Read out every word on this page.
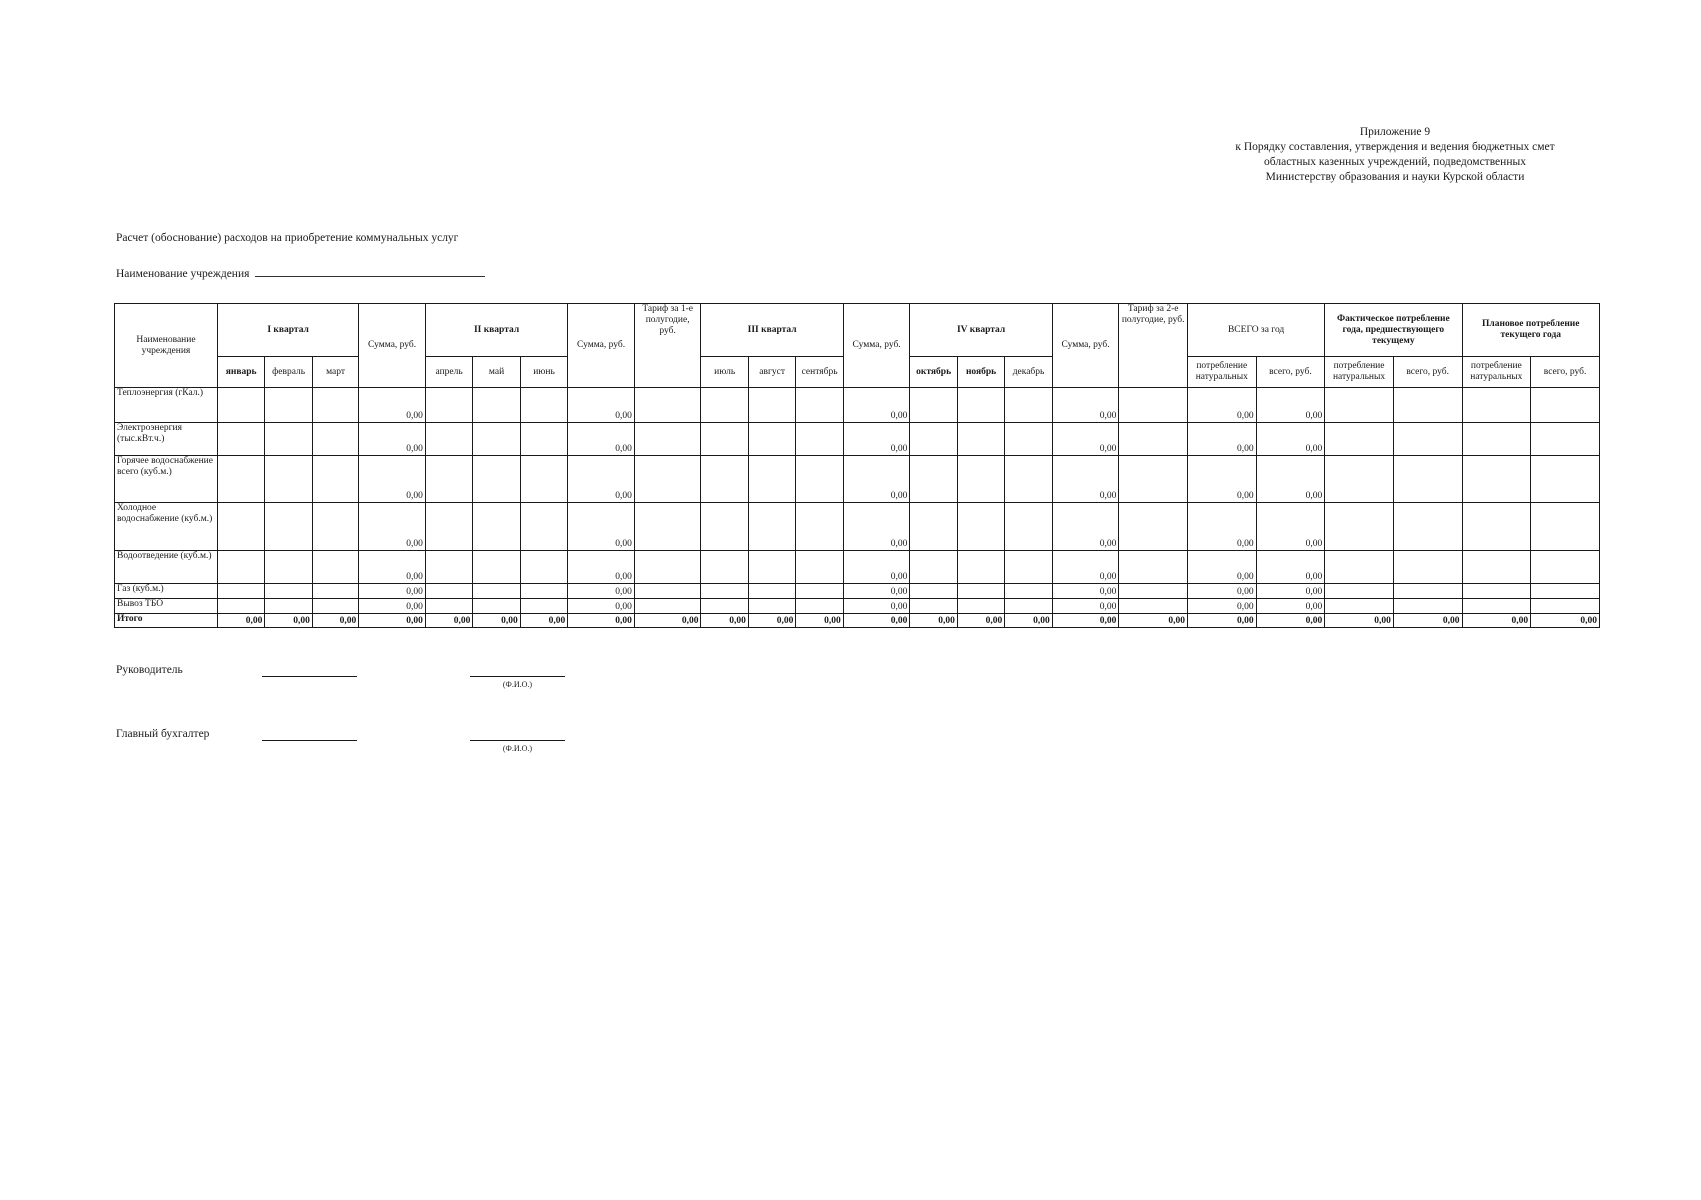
Приложение 9
к Порядку составления, утверждения и ведения бюджетных смет
областных казенных учреждений, подведомственных
Министерству образования и науки Курской области
Расчет (обоснование) расходов на приобретение коммунальных услуг
Наименование учреждения
Наименование учреждения	I квартал			Сумма, руб.	II квартал			Сумма, руб.	Тариф за 1-е полугодие, руб.	III квартал			Сумма, руб.	IV квартал			Сумма, руб.	Тариф за 2-е полугодие, руб.	ВСЕГО за год		Фактическое потребление года, предшествующего текущему		Плановое потребление текущего года	
	январь	февраль	март		апрель	май	июнь			июль	август	сентябрь		октябрь	ноябрь	декабрь			потребление натуральных	всего, руб.	потребление натуральных	всего, руб.	потребление натуральных	всего, руб.
Теплоэнергия (гКал.)				0,00				0,00					0,00				0,00		0,00	0,00				
Электроэнергия (тыс.кВт.ч.)				0,00				0,00					0,00				0,00		0,00	0,00				
Горячее водоснабжение всего (куб.м.)				0,00				0,00					0,00				0,00		0,00	0,00				
Холодное водоснабжение (куб.м.)				0,00				0,00					0,00				0,00		0,00	0,00				
Водоотведение (куб.м.)				0,00				0,00					0,00				0,00		0,00	0,00				
Газ (куб.м.)				0,00				0,00					0,00				0,00		0,00	0,00				
Вывоз ТБО				0,00				0,00					0,00				0,00		0,00	0,00				
Итого	0,00	0,00	0,00	0,00	0,00	0,00	0,00	0,00	0,00	0,00	0,00	0,00	0,00	0,00	0,00	0,00	0,00	0,00	0,00	0,00	0,00	0,00	0,00	0,00
Руководитель
(Ф.И.О.)
Главный бухгалтер
(Ф.И.О.)
